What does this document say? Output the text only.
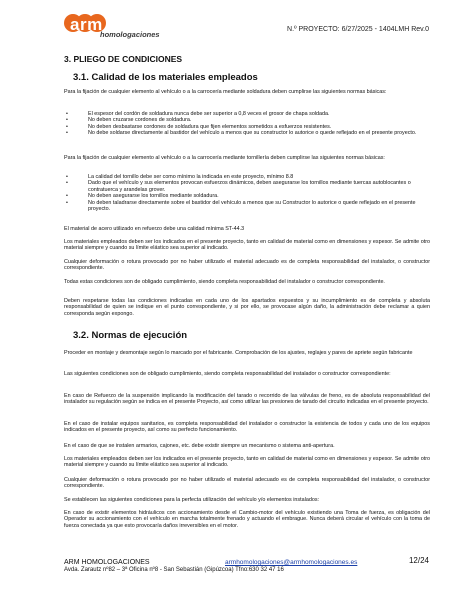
arm
homologaciones
N.º PROYECTO: 6/27/2025 - 1404LMH Rev.0
3. PLIEGO DE CONDICIONES
3.1. Calidad de los materiales empleados
Para la fijación de cualquier elemento al vehículo o a la carrocería mediante soldadura deben cumplirse las siguientes normas básicas:
• El espesor del cordón de soldadura nunca debe ser superior a 0,8 veces el grosor de chapa soldada.
• No deben cruzarse cordones de soldadura.
• No deben desbastarse cordones de soldadura que fijen elementos sometidos a esfuerzos resistentes.
• No debe soldarse directamente al bastidor del vehículo a menos que su constructor lo autorice o quede reflejado en el presente proyecto.
Para la fijación de cualquier elemento al vehículo o a la carrocería mediante tornillería deben cumplirse las siguientes normas básicas:
• La calidad del tornillo debe ser como mínimo la indicada en este proyecto, mínimo 8.8
• Dado que el vehículo y sus elementos provocan esfuerzos dinámicos, deben asegurarse los tornillos mediante tuercas autoblocantes o contratuerca y arandelas grover.
• No deben asegurarse los tornillos mediante soldadura.
• No deben taladrarse directamente sobre el bastidor del vehículo a menos que su Constructor lo autorice o quede reflejado en el presente proyecto.
El material de acero utilizado en refuerzo debe una calidad mínima ST-44.3
Los materiales empleados deben ser los indicados en el presente proyecto, tanto en calidad de material como en dimensiones y espesor. Se admite otro material siempre y cuando su límite elástico sea superior al indicado.
Cualquier deformación o rotura provocado por no haber utilizado el material adecuado es de completa responsabilidad del instalador, o constructor correspondiente.
Todas estas condiciones son de obligado cumplimiento, siendo completa responsabilidad del instalador o constructor correspondiente.
Deben respetarse todas las condiciones indicadas en cada uno de los apartados expuestos y su incumplimiento es de completa y absoluta responsabilidad de quien se indique en el punto correspondiente, y si por ello, se provocase algún daño, la administración debe reclamar a quien corresponda según expongo.
3.2. Normas de ejecución
Proceder en montaje y desmontaje según lo marcado por el fabricante. Comprobación de los ajustes, reglajes y pares de apriete según fabricante
Las siguientes condiciones son de obligado cumplimiento, siendo completa responsabilidad del instalador o constructor correspondiente:
En caso de Refuerzo de la suspensión implicando la modificación del tarado o recorrido de las válvulas de freno, es de absoluta responsabilidad del instalador su regulación según se indica en el presente Proyecto, así como utilizar las presiones de tarado del circuito indicadas en el presente proyecto.
En el caso de instalar equipos sanitarios, es completa responsabilidad del instalador o constructor la existencia de todos y cada uno de los equipos indicados en el presente proyecto, así como su perfecto funcionamiento.
En el caso de que se instalen armarios, cajones, etc. debe existir siempre un mecanismo o sistema anti-apertura.
Los materiales empleados deben ser los indicados en el presente proyecto, tanto en calidad de material como en dimensiones y espesor. Se admite otro material siempre y cuando su límite elástico sea superior al indicado.
Cualquier deformación o rotura provocado por no haber utilizado el material adecuado es de completa responsabilidad del instalador, o constructor correspondiente.
Se establecen las siguientes condiciones para la perfecta utilización del vehículo y/o elementos instalados:
En caso de existir elementos hidráulicos con accionamiento desde el Cambio-motor del vehículo existiendo una Toma de fuerza, es obligación del Operador su accionamiento con el vehículo en marcha totalmente frenado y actuando el embrague. Nunca deberá circular el vehículo con la toma de fuerza conectada ya que esto provocaría daños irreversibles en el motor.
ARM HOMOLOGACIONES	armhomologaciones@armhomologaciones.es
Avda. Zarautz nº82 – 3ª Oficina nº8 - San Sebastián (Gipúzcoa) Tfno:630 32 47 16
12/24
